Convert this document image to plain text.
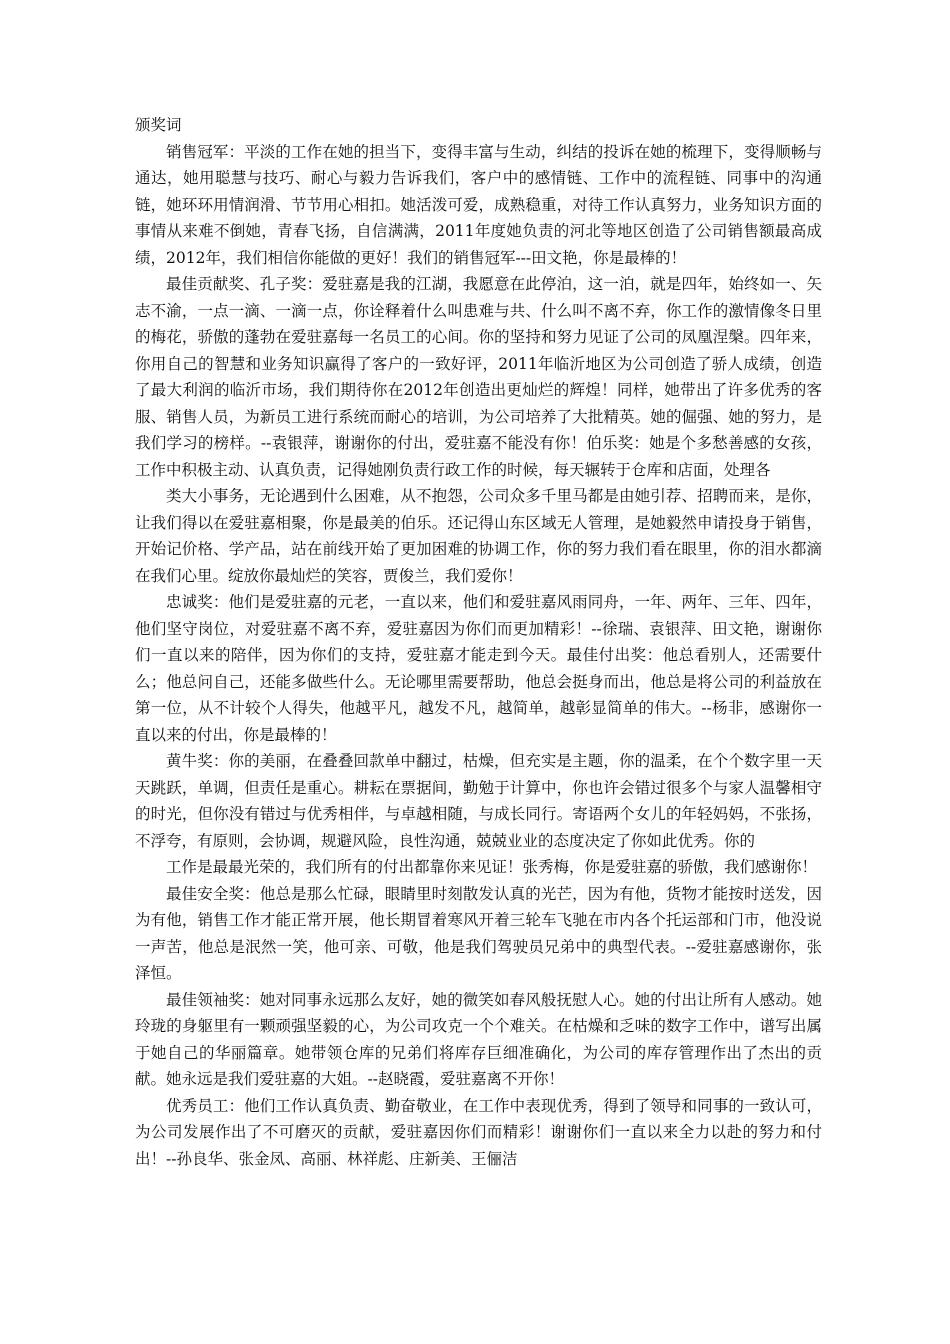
颁奖词

销售冠军：平淡的工作在她的担当下，变得丰富与生动，纠结的投诉在她的梳理下，变得顺畅与通达，她用聪慧与技巧、耐心与毅力告诉我们，客户中的感情链、工作中的流程链、同事中的沟通链，她环环用情润滑、节节用心相扣。她活泼可爱，成熟稳重，对待工作认真努力，业务知识方面的事情从来难不倒她，青春飞扬，自信满满，2011年度她负责的河北等地区创造了公司销售额最高成绩，2012年，我们相信你能做的更好！我们的销售冠军---田文艳，你是最棒的！

最佳贡献奖、孔子奖：爱驻嘉是我的江湖，我愿意在此停泊，这一泊，就是四年，始终如一、矢志不渝，一点一滴、一滴一点，你诠释着什么叫患难与共、什么叫不离不弃，你工作的激情像冬日里的梅花，骄傲的蓬勃在爱驻嘉每一名员工的心间。你的坚持和努力见证了公司的凤凰涅槃。四年来，你用自己的智慧和业务知识赢得了客户的一致好评，2011年临沂地区为公司创造了骄人成绩，创造了最大利润的临沂市场，我们期待你在2012年创造出更灿烂的辉煌！同样，她带出了许多优秀的客服、销售人员，为新员工进行系统而耐心的培训，为公司培养了大批精英。她的倔强、她的努力，是我们学习的榜样。--袁银萍，谢谢你的付出，爱驻嘉不能没有你！伯乐奖：她是个多愁善感的女孩，工作中积极主动、认真负责，记得她刚负责行政工作的时候，每天辗转于仓库和店面，处理各

类大小事务，无论遇到什么困难，从不抱怨，公司众多千里马都是由她引荐、招聘而来，是你，让我们得以在爱驻嘉相聚，你是最美的伯乐。还记得山东区域无人管理，是她毅然申请投身于销售，开始记价格、学产品，站在前线开始了更加困难的协调工作，你的努力我们看在眼里，你的泪水都滴在我们心里。绽放你最灿烂的笑容，贾俊兰，我们爱你！

忠诚奖：他们是爱驻嘉的元老，一直以来，他们和爱驻嘉风雨同舟，一年、两年、三年、四年，他们坚守岗位，对爱驻嘉不离不弃，爱驻嘉因为你们而更加精彩！--徐瑞、袁银萍、田文艳，谢谢你们一直以来的陪伴，因为你们的支持，爱驻嘉才能走到今天。最佳付出奖：他总看别人，还需要什么；他总问自己，还能多做些什么。无论哪里需要帮助，他总会挺身而出，他总是将公司的利益放在第一位，从不计较个人得失，他越平凡，越发不凡，越简单，越彰显简单的伟大。--杨非，感谢你一直以来的付出，你是最棒的！

黄牛奖：你的美丽，在叠叠回款单中翻过，枯燥，但充实是主题，你的温柔，在个个数字里一天天跳跃，单调，但责任是重心。耕耘在票据间，勤勉于计算中，你也许会错过很多个与家人温馨相守的时光，但你没有错过与优秀相伴，与卓越相随，与成长同行。寄语两个女儿的年轻妈妈，不张扬，不浮夸，有原则，会协调，规避风险，良性沟通，兢兢业业的态度决定了你如此优秀。你的

工作是最最光荣的，我们所有的付出都靠你来见证！张秀梅，你是爱驻嘉的骄傲，我们感谢你！

最佳安全奖：他总是那么忙碌，眼睛里时刻散发认真的光芒，因为有他，货物才能按时送发，因为有他，销售工作才能正常开展，他长期冒着寒风开着三轮车飞驰在市内各个托运部和门市，他没说一声苦，他总是泯然一笑，他可亲、可敬，他是我们驾驶员兄弟中的典型代表。--爱驻嘉感谢你，张泽恒。

最佳领袖奖：她对同事永远那么友好，她的微笑如春风般抚慰人心。她的付出让所有人感动。她玲珑的身躯里有一颗顽强坚毅的心，为公司攻克一个个难关。在枯燥和乏味的数字工作中，谱写出属于她自己的华丽篇章。她带领仓库的兄弟们将库存巨细准确化，为公司的库存管理作出了杰出的贡献。她永远是我们爱驻嘉的大姐。--赵晓霞，爱驻嘉离不开你！

优秀员工：他们工作认真负责、勤奋敬业，在工作中表现优秀，得到了领导和同事的一致认可，为公司发展作出了不可磨灭的贡献，爱驻嘉因你们而精彩！谢谢你们一直以来全力以赴的努力和付出！--孙良华、张金凤、高丽、林祥彪、庄新美、王俪洁
